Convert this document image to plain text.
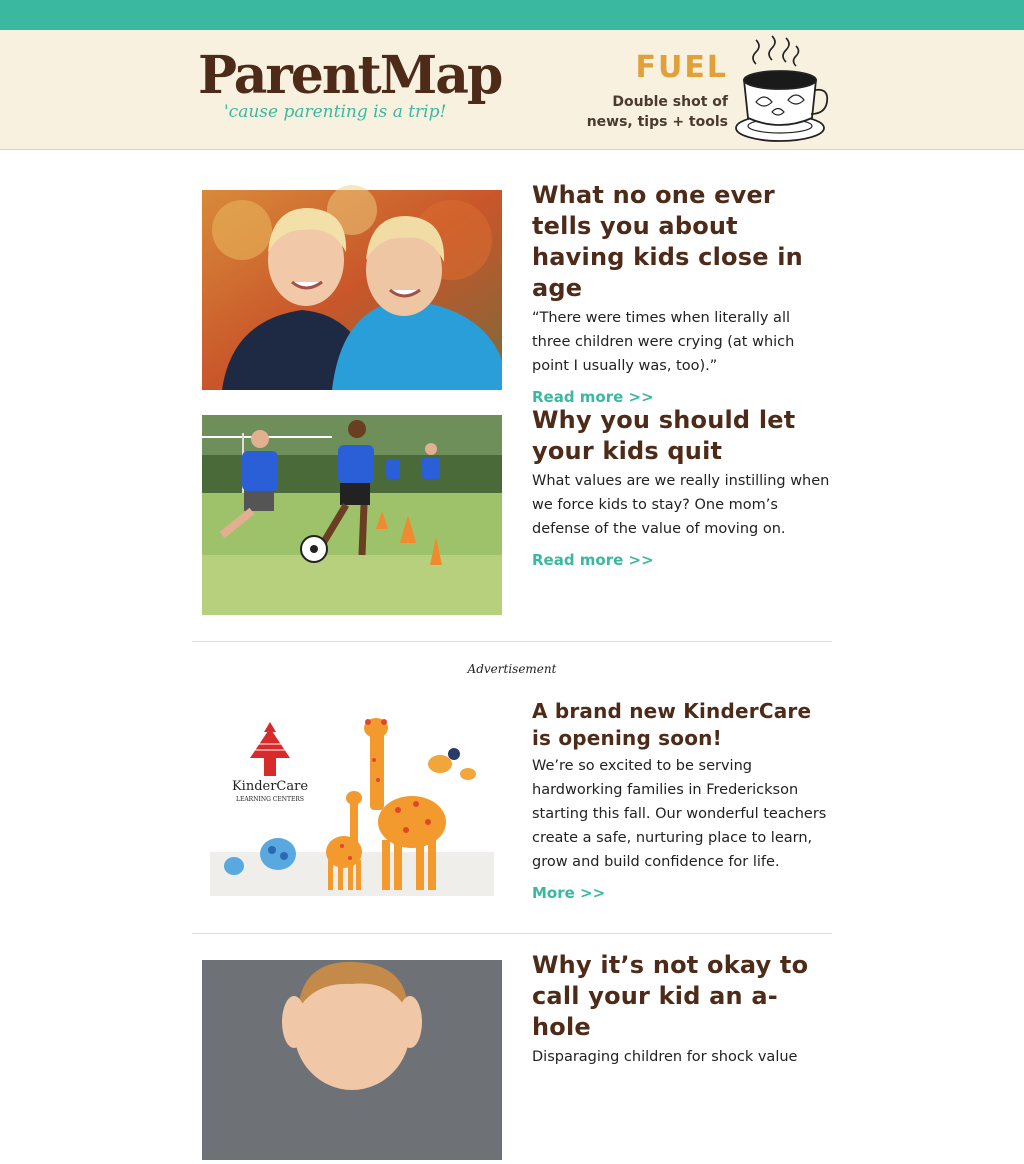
ParentMap
'cause parenting is a trip!
FUEL
Double shot of
news, tips + tools
What no one ever tells you about having kids close in age
“There were times when literally all three children were crying (at which point I usually was, too).”
Read more >>
Why you should let your kids quit
What values are we really instilling when we force kids to stay? One mom’s defense of the value of moving on.
Read more >>
Advertisement
KinderCare
LEARNING CENTERS
A brand new KinderCare is opening soon!
We’re so excited to be serving hardworking families in Frederickson starting this fall. Our wonderful teachers create a safe, nurturing place to learn, grow and build confidence for life.
More >>
Why it’s not okay to call your kid an a-hole
Disparaging children for shock value
